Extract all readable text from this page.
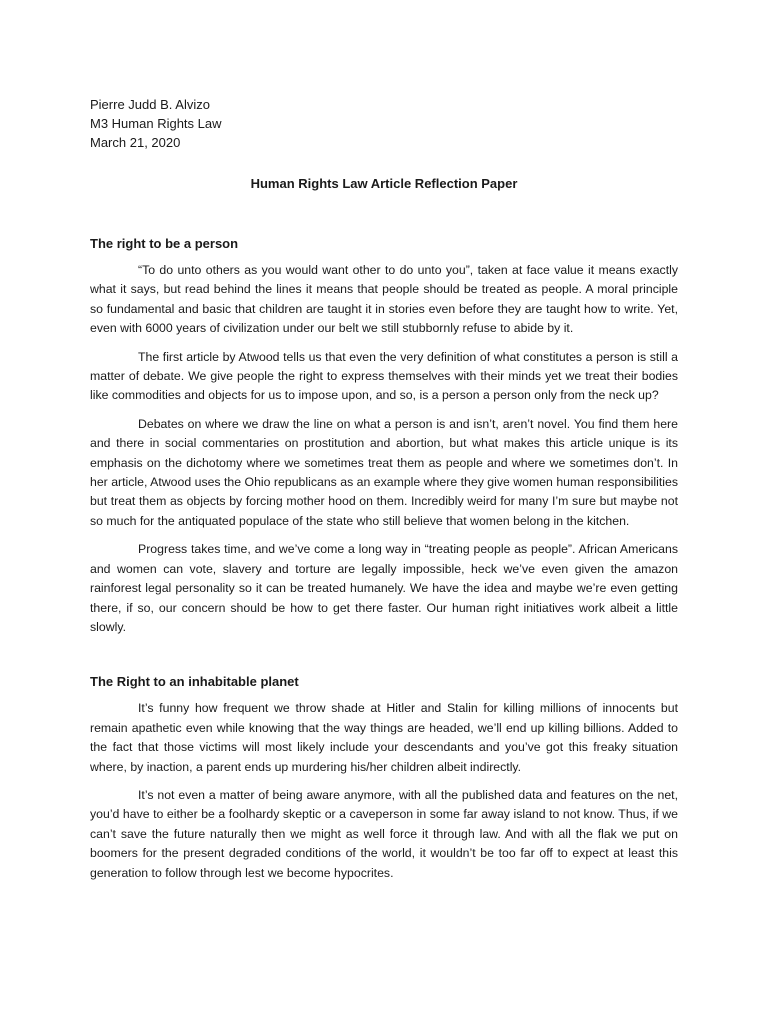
Pierre Judd B. Alvizo

M3 Human Rights Law

March 21, 2020

Human Rights Law Article Reflection Paper

The right to be a person

“To do unto others as you would want other to do unto you”, taken at face value it means exactly what it says, but read behind the lines it means that people should be treated as people. A moral principle so fundamental and basic that children are taught it in stories even before they are taught how to write. Yet, even with 6000 years of civilization under our belt we still stubbornly refuse to abide by it.

The first article by Atwood tells us that even the very definition of what constitutes a person is still a matter of debate. We give people the right to express themselves with their minds yet we treat their bodies like commodities and objects for us to impose upon, and so, is a person a person only from the neck up?

Debates on where we draw the line on what a person is and isn’t, aren’t novel. You find them here and there in social commentaries on prostitution and abortion, but what makes this article unique is its emphasis on the dichotomy where we sometimes treat them as people and where we sometimes don’t. In her article, Atwood uses the Ohio republicans as an example where they give women human responsibilities but treat them as objects by forcing mother hood on them. Incredibly weird for many I’m sure but maybe not so much for the antiquated populace of the state who still believe that women belong in the kitchen.

Progress takes time, and we’ve come a long way in “treating people as people”. African Americans and women can vote, slavery and torture are legally impossible, heck we’ve even given the amazon rainforest legal personality so it can be treated humanely. We have the idea and maybe we’re even getting there, if so, our concern should be how to get there faster. Our human right initiatives work albeit a little slowly.

The Right to an inhabitable planet

It’s funny how frequent we throw shade at Hitler and Stalin for killing millions of innocents but remain apathetic even while knowing that the way things are headed, we’ll end up killing billions. Added to the fact that those victims will most likely include your descendants and you’ve got this freaky situation where, by inaction, a parent ends up murdering his/her children albeit indirectly.

It’s not even a matter of being aware anymore, with all the published data and features on the net, you’d have to either be a foolhardy skeptic or a caveperson in some far away island to not know. Thus, if we can’t save the future naturally then we might as well force it through law. And with all the flak we put on boomers for the present degraded conditions of the world, it wouldn’t be too far off to expect at least this generation to follow through lest we become hypocrites.
